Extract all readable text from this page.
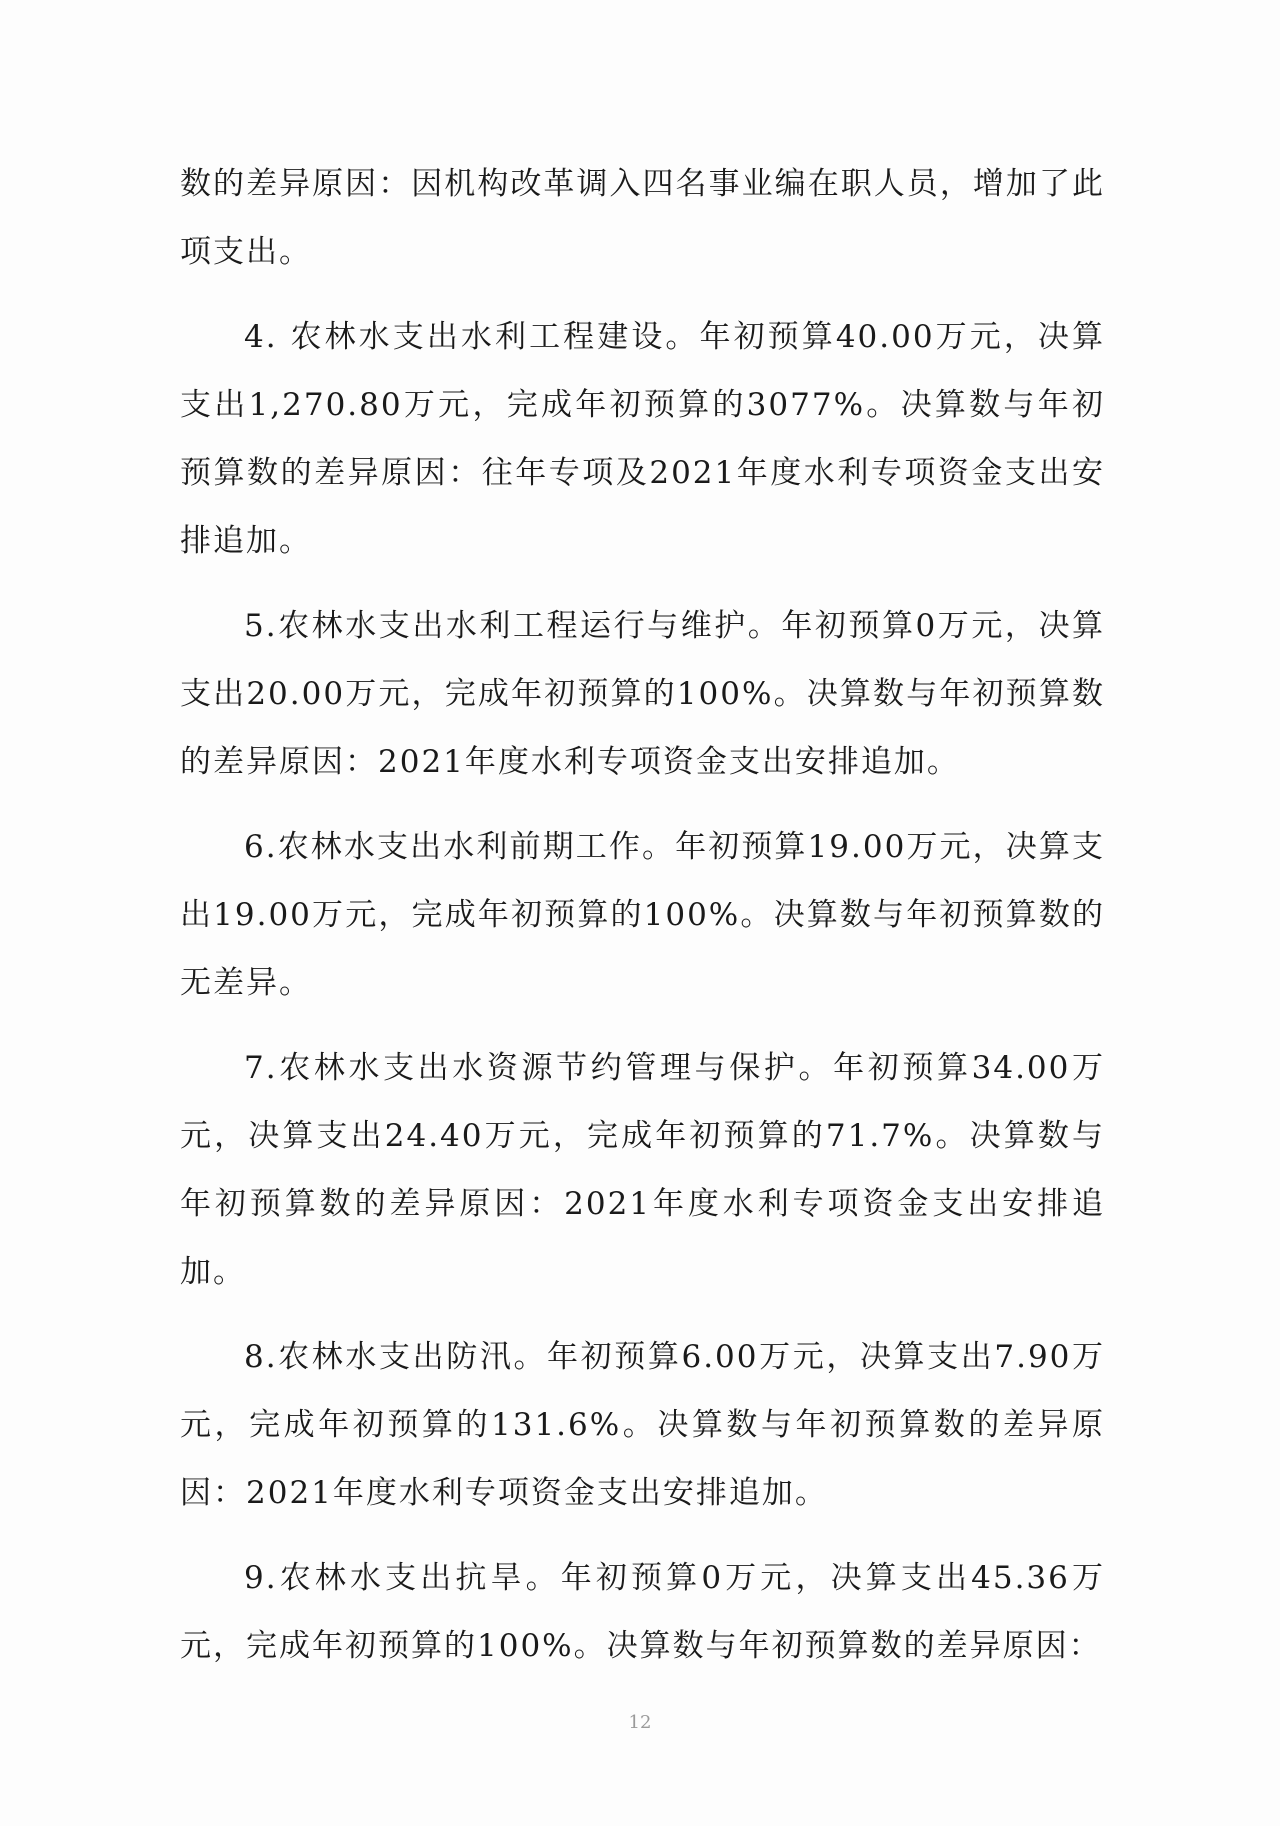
数的差异原因：因机构改革调入四名事业编在职人员，增加了此项支出。

4. 农林水支出水利工程建设。年初预算40.00万元，决算支出1,270.80万元，完成年初预算的3077%。决算数与年初预算数的差异原因：往年专项及2021年度水利专项资金支出安排追加。

5.农林水支出水利工程运行与维护。年初预算0万元，决算支出20.00万元，完成年初预算的100%。决算数与年初预算数的差异原因：2021年度水利专项资金支出安排追加。

6.农林水支出水利前期工作。年初预算19.00万元，决算支出19.00万元，完成年初预算的100%。决算数与年初预算数的无差异。

7.农林水支出水资源节约管理与保护。年初预算34.00万元，决算支出24.40万元，完成年初预算的71.7%。决算数与年初预算数的差异原因：2021年度水利专项资金支出安排追加。

8.农林水支出防汛。年初预算6.00万元，决算支出7.90万元，完成年初预算的131.6%。决算数与年初预算数的差异原因：2021年度水利专项资金支出安排追加。

9.农林水支出抗旱。年初预算0万元，决算支出45.36万元，完成年初预算的100%。决算数与年初预算数的差异原因：

12
